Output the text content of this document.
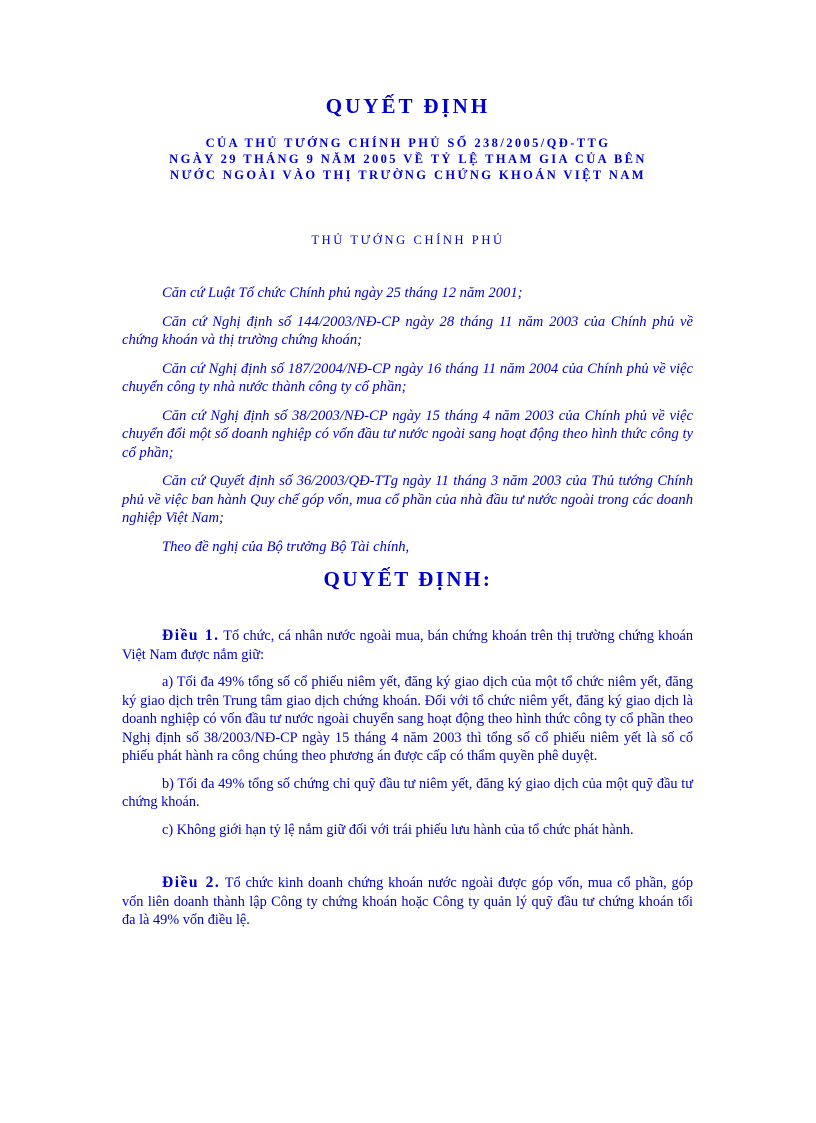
QUYẾT ĐỊNH
CỦA THỦ TƯỚNG CHÍNH PHỦ SỐ 238/2005/QĐ-TTG
NGÀY 29 THÁNG 9 NĂM 2005 VỀ TỶ LỆ THAM GIA CỦA BÊN
NƯỚC NGOÀI VÀO THỊ TRƯỜNG CHỨNG KHOÁN VIỆT NAM
THỦ TƯỚNG CHÍNH PHỦ

Căn cứ Luật Tổ chức Chính phủ ngày 25 tháng 12 năm 2001;

Căn cứ Nghị định số 144/2003/NĐ-CP ngày 28 tháng 11 năm 2003 của Chính phủ về chứng khoán và thị trường chứng khoán;

Căn cứ Nghị định số 187/2004/NĐ-CP ngày 16 tháng 11 năm 2004 của Chính phủ về việc chuyển công ty nhà nước thành công ty cổ phần;

Căn cứ Nghị định số 38/2003/NĐ-CP ngày 15 tháng 4 năm 2003 của Chính phủ về việc chuyển đổi một số doanh nghiệp có vốn đầu tư nước ngoài sang hoạt động theo hình thức công ty cổ phần;

Căn cứ Quyết định số 36/2003/QĐ-TTg ngày 11 tháng 3 năm 2003 của Thủ tướng Chính phủ về việc ban hành Quy chế góp vốn, mua cổ phần của nhà đầu tư nước ngoài trong các doanh nghiệp Việt Nam;

Theo đề nghị của Bộ trưởng Bộ Tài chính,

QUYẾT ĐỊNH:

Điều 1. Tổ chức, cá nhân nước ngoài mua, bán chứng khoán trên thị trường chứng khoán Việt Nam được nắm giữ:

a) Tối đa 49% tổng số cổ phiếu niêm yết, đăng ký giao dịch của một tổ chức niêm yết, đăng ký giao dịch trên Trung tâm giao dịch chứng khoán. Đối với tổ chức niêm yết, đăng ký giao dịch là doanh nghiệp có vốn đầu tư nước ngoài chuyển sang hoạt động theo hình thức công ty cổ phần theo Nghị định số 38/2003/NĐ-CP ngày 15 tháng 4 năm 2003 thì tổng số cổ phiếu niêm yết là số cổ phiếu phát hành ra công chúng theo phương án được cấp có thẩm quyền phê duyệt.

b) Tối đa 49% tổng số chứng chỉ quỹ đầu tư niêm yết, đăng ký giao dịch của một quỹ đầu tư chứng khoán.

c) Không giới hạn tỷ lệ nắm giữ đối với trái phiếu lưu hành của tổ chức phát hành.

Điều 2. Tổ chức kinh doanh chứng khoán nước ngoài được góp vốn, mua cổ phần, góp vốn liên doanh thành lập Công ty chứng khoán hoặc Công ty quản lý quỹ đầu tư chứng khoán tối đa là 49% vốn điều lệ.
